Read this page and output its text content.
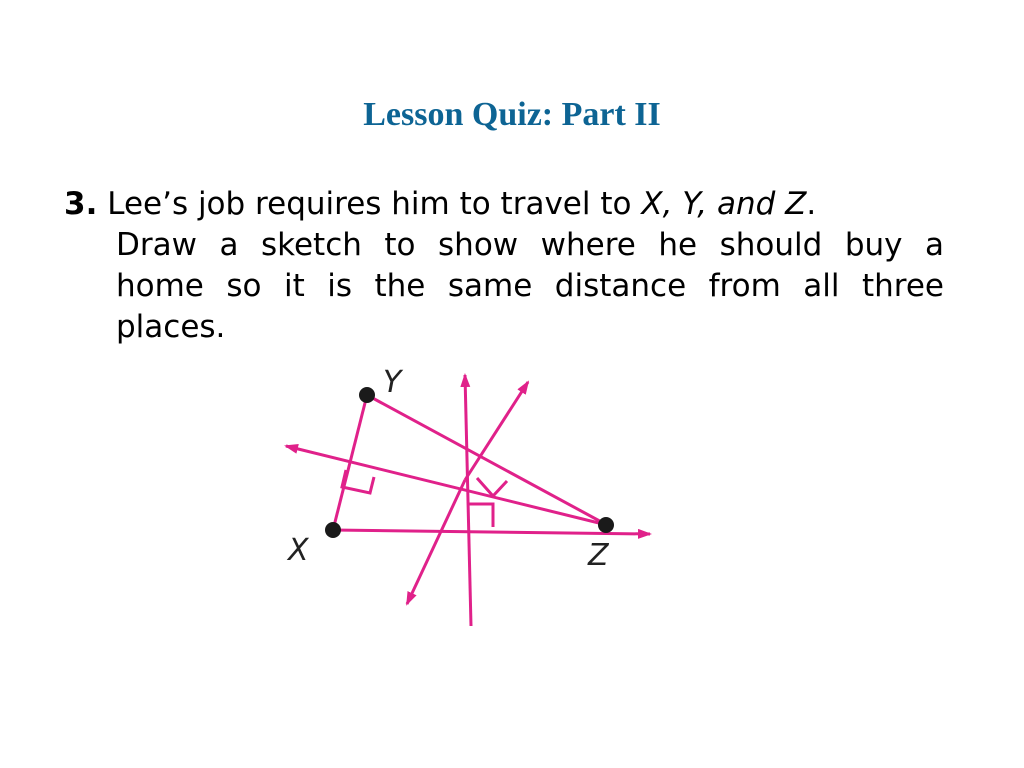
Lesson Quiz: Part II
3. Lee’s job requires him to travel to X, Y, and Z.
Draw a sketch to show where he should buy a
home so it is the same distance from all three
places.
Y
X	Z
